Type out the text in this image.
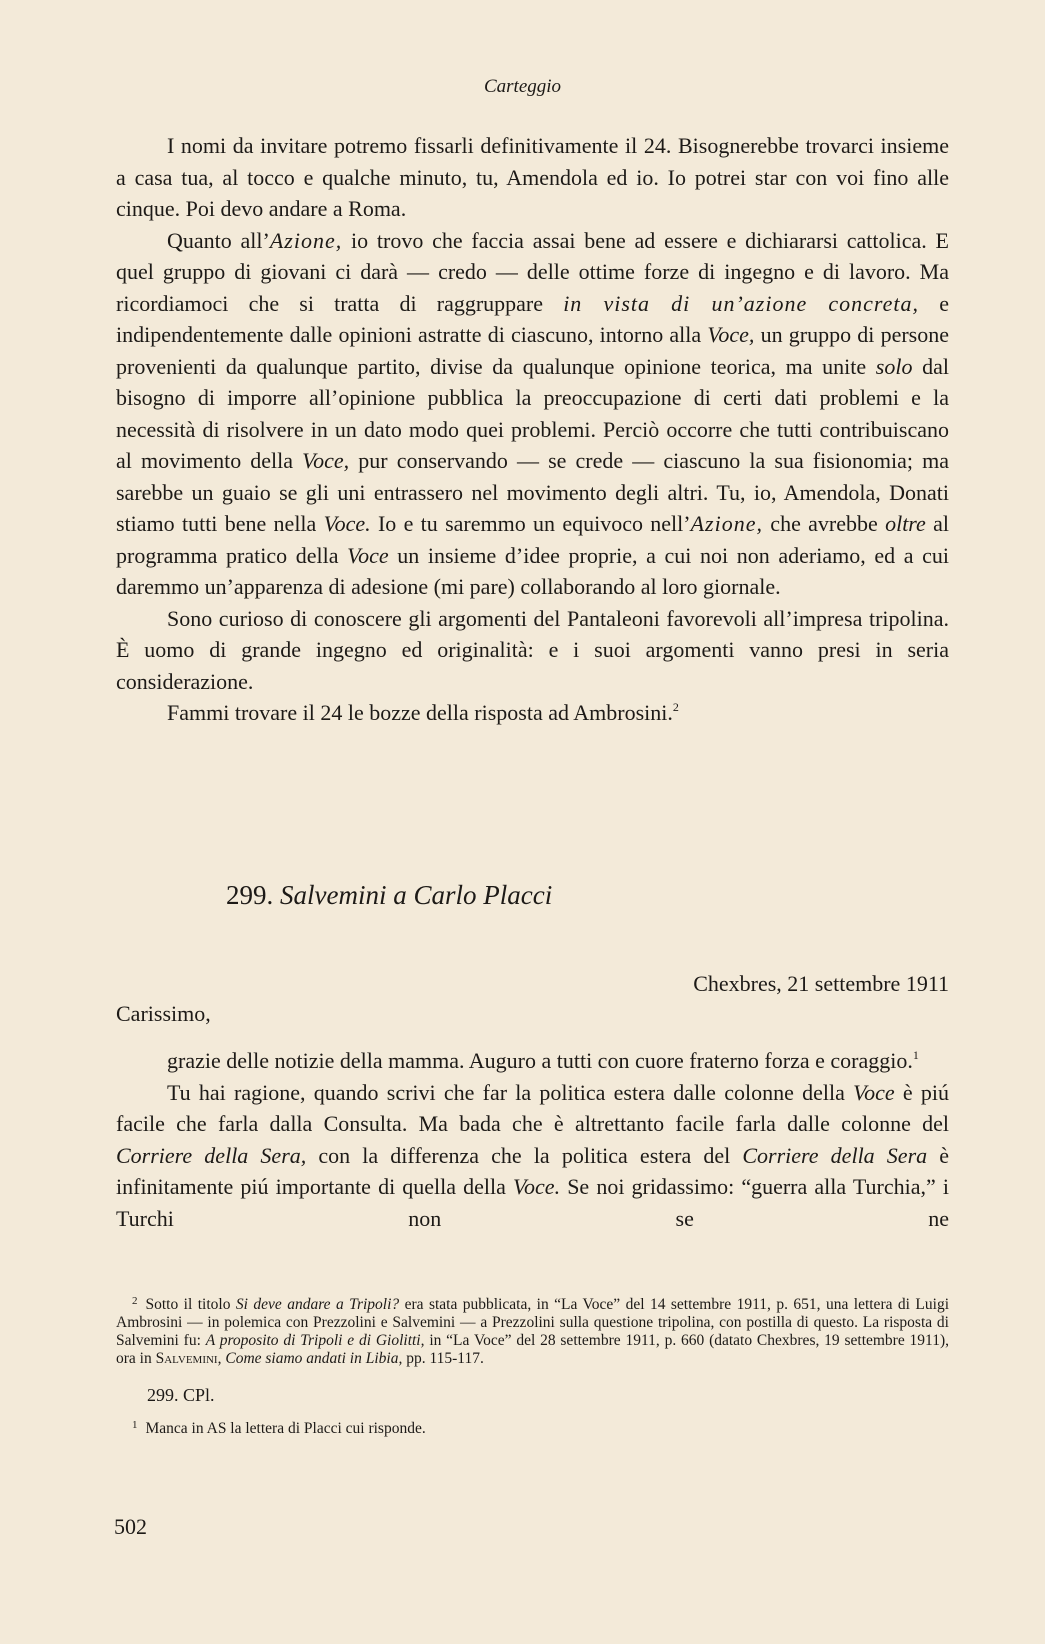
Carteggio

I nomi da invitare potremo fissarli definitivamente il 24. Bisognerebbe trovarci insieme a casa tua, al tocco e qualche minuto, tu, Amendola ed io. Io potrei star con voi fino alle cinque. Poi devo andare a Roma.

Quanto all’Azione, io trovo che faccia assai bene ad essere e dichiararsi cattolica. E quel gruppo di giovani ci darà — credo — delle ottime forze di ingegno e di lavoro. Ma ricordiamoci che si tratta di raggruppare in vista di un’azione concreta, e indipendentemente dalle opinioni astratte di ciascuno, intorno alla Voce, un gruppo di persone provenienti da qualunque partito, divise da qualunque opinione teorica, ma unite solo dal bisogno di imporre all’opinione pubblica la preoccupazione di certi dati problemi e la necessità di risolvere in un dato modo quei problemi. Perciò occorre che tutti contribuiscano al movimento della Voce, pur conservando — se crede — ciascuno la sua fisionomia; ma sarebbe un guaio se gli uni entrassero nel movimento degli altri. Tu, io, Amendola, Donati stiamo tutti bene nella Voce. Io e tu saremmo un equivoco nell’Azione, che avrebbe oltre al programma pratico della Voce un insieme d’idee proprie, a cui noi non aderiamo, ed a cui daremmo un’apparenza di adesione (mi pare) collaborando al loro giornale.

Sono curioso di conoscere gli argomenti del Pantaleoni favorevoli all’impresa tripolina. È uomo di grande ingegno ed originalità: e i suoi argomenti vanno presi in seria considerazione.

Fammi trovare il 24 le bozze della risposta ad Ambrosini.$^2$

299. Salvemini a Carlo Placci
Chexbres, 21 settembre 1911
Carissimo,

grazie delle notizie della mamma. Auguro a tutti con cuore fraterno forza e coraggio.$^1$

Tu hai ragione, quando scrivi che far la politica estera dalle colonne della Voce è piú facile che farla dalla Consulta. Ma bada che è altrettanto facile farla dalle colonne del Corriere della Sera, con la differenza che la politica estera del Corriere della Sera è infinitamente piú importante di quella della Voce. Se noi gridassimo: “guerra alla Turchia,” i Turchi non se ne

$^2$ Sotto il titolo Si deve andare a Tripoli? era stata pubblicata, in “La Voce” del 14 settembre 1911, p. 651, una lettera di Luigi Ambrosini — in polemica con Prezzolini e Salvemini — a Prezzolini sulla questione tripolina, con postilla di questo. La risposta di Salvemini fu: A proposito di Tripoli e di Giolitti, in “La Voce” del 28 settembre 1911, p. 660 (datato Chexbres, 19 settembre 1911), ora in Salvemini, Come siamo andati in Libia, pp. 115-117.

299. CPl.

$^1$ Manca in AS la lettera di Placci cui risponde.

502
